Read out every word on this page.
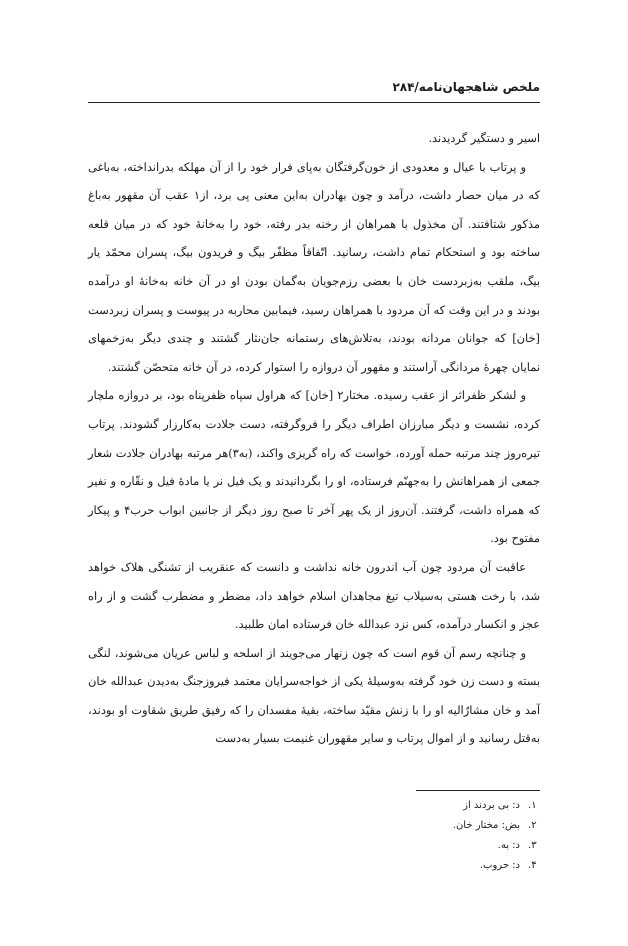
ملخص شاهجهان‌نامه/۲۸۴

اسیر و دستگیر گردیدند.

و پرتاب با عیال و معدودی از خون‌گرفتگان به‌پای فرار خود را از آن مهلکه بدرانداخته، به‌باغی که در میان حصار داشت، درآمد و چون بهادران به‌این معنی پی برد، از۱ عقب آن مقهور به‌باغ مذکور شتافتند. آن مخذول با همراهان از رخنه بدر رفته، خود را به‌خانهٔ خود که در میان قلعه ساخته بود و استحکام تمام داشت، رسانید. اتّفاقاً مظفّر بیگ و فریدون بیگ، پسران محمّد یار بیگ، ملقب به‌زبردست خان با بعضی رزم‌جویان به‌گمان بودن او در آن خانه به‌خانهٔ او درآمده بودند و در این وقت که آن مردود با همراهان رسید، فیمابین محاربه در پیوست و پسران زبردست [خان] که جوانان مردانه بودند، به‌تلاش‌های رستمانه جان‌نثار گشتند و چندی دیگر به‌زخمهای نمایان چهرهٔ مردانگی آراستند و مقهور آن دروازه را استوار کرده، در آن خانه متحصّن گشتند.

و لشکر ظفراثر از عقب رسیده. مختار۲ [خان] که هراول سپاه ظفرپناه بود، بر دروازه ملچار کرده، نشست و دیگر مبارزان اطراف دیگر را فروگرفته، دست جلادت به‌کارزار گشودند. پرتاب تیره‌روز چند مرتبه حمله آورده، خواست که راه گریزی واکند، (به۳)هر مرتبه بهادران جلادت شعار جمعی از همراهانش را به‌جهنّم فرستاده، او را بگردانیدند و یک فیل نر یا مادهٔ فیل و نقّاره و نفیر که همراه داشت، گرفتند. آن‌روز از یک پهر آخر تا صبح روز دیگر از جانبین ابواب حرب۴ و پیکار مفتوح بود.

عاقبت آن مردود چون آب اندرون خانه نداشت و دانست که عنقریب از تشنگی هلاک خواهد شد، با رخت هستی به‌سیلاب تیغ مجاهدان اسلام خواهد داد، مضطر و مضطرب گشت و از راه عجز و انکسار درآمده، کس نزد عبدالله خان فرستاده امان طلبید.

و چنانچه رسم آن قوم است که چون زنهار می‌جویند از اسلحه و لباس عریان می‌شوند، لنگی بسته و دست زن خود گرفته به‌وسیلهٔ یکی از خواجه‌سرایان معتمد فیروزجنگ به‌دیدن عبدالله خان آمد و خان مشارٌالیه او را با زنش مقیّد ساخته، بقیهٔ مفسدان را که رفیق طریق شقاوت او بودند، به‌قتل رسانید و از اموال پرتاب و سایر مقهوران غنیمت بسیار به‌دست

۱.
د: بی بردند از
۲.
بض: مختار خان.
۳.
د: به.
۴.
د: حروب.
